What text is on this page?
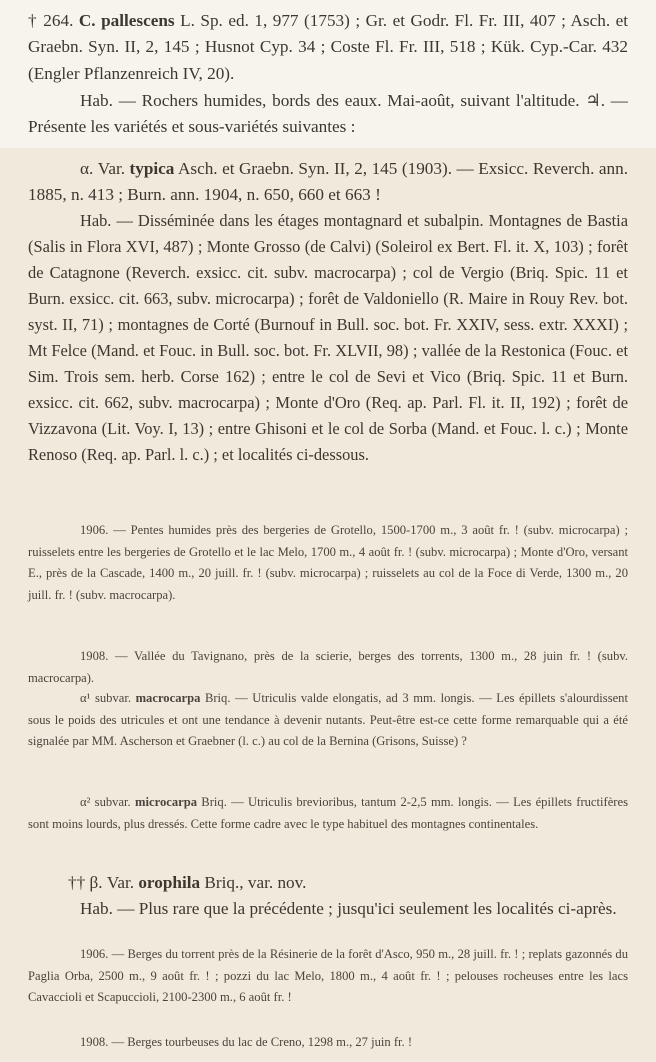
† 264. C. pallescens L. Sp. ed. 1, 977 (1753) ; Gr. et Godr. Fl. Fr. III, 407 ; Asch. et Graebn. Syn. II, 2, 145 ; Husnot Cyp. 34 ; Coste Fl. Fr. III, 518 ; Kük. Cyp.-Car. 432 (Engler Pflanzenreich IV, 20).

Hab. — Rochers humides, bords des eaux. Mai-août, suivant l'altitude. ♃. — Présente les variétés et sous-variétés suivantes :

α. Var. typica Asch. et Graebn. Syn. II, 2, 145 (1903). — Exsicc. Reverch. ann. 1885, n. 413 ; Burn. ann. 1904, n. 650, 660 et 663 !

Hab. — Disséminée dans les étages montagnard et subalpin. Montagnes de Bastia (Salis in Flora XVI, 487) ; Monte Grosso (de Calvi) (Soleirol ex Bert. Fl. it. X, 103) ; forêt de Catagnone (Reverch. exsicc. cit. subv. macrocarpa) ; col de Vergio (Briq. Spic. 11 et Burn. exsicc. cit. 663, subv. microcarpa) ; forêt de Valdoniello (R. Maire in Rouy Rev. bot. syst. II, 71) ; montagnes de Corté (Burnouf in Bull. soc. bot. Fr. XXIV, sess. extr. XXXI) ; Mt Felce (Mand. et Fouc. in Bull. soc. bot. Fr. XLVII, 98) ; vallée de la Restonica (Fouc. et Sim. Trois sem. herb. Corse 162) ; entre le col de Sevi et Vico (Briq. Spic. 11 et Burn. exsicc. cit. 662, subv. macrocarpa) ; Monte d'Oro (Req. ap. Parl. Fl. it. II, 192) ; forêt de Vizzavona (Lit. Voy. I, 13) ; entre Ghisoni et le col de Sorba (Mand. et Fouc. l. c.) ; Monte Renoso (Req. ap. Parl. l. c.) ; et localités ci-dessous.

1906. — Pentes humides près des bergeries de Grotello, 1500-1700 m., 3 août fr. ! (subv. microcarpa) ; ruisselets entre les bergeries de Grotello et le lac Melo, 1700 m., 4 août fr. ! (subv. microcarpa) ; Monte d'Oro, versant E., près de la Cascade, 1400 m., 20 juill. fr. ! (subv. microcarpa) ; ruisselets au col de la Foce di Verde, 1300 m., 20 juill. fr. ! (subv. macrocarpa).

1908. — Vallée du Tavignano, près de la scierie, berges des torrents, 1300 m., 28 juin fr. ! (subv. macrocarpa).

α¹ subvar. macrocarpa Briq. — Utriculis valde elongatis, ad 3 mm. longis. — Les épillets s'alourdissent sous le poids des utricules et ont une tendance à devenir nutants. Peut-être est-ce cette forme remarquable qui a été signalée par MM. Ascherson et Graebner (l. c.) au col de la Bernina (Grisons, Suisse) ?

α² subvar. microcarpa Briq. — Utriculis brevioribus, tantum 2-2,5 mm. longis. — Les épillets fructifères sont moins lourds, plus dressés. Cette forme cadre avec le type habituel des montagnes continentales.

†† β. Var. orophila Briq., var. nov.

Hab. — Plus rare que la précédente ; jusqu'ici seulement les localités ci-après.

1906. — Berges du torrent près de la Résinerie de la forêt d'Asco, 950 m., 28 juill. fr. ! ; replats gazonnés du Paglia Orba, 2500 m., 9 août fr. ! ; pozzi du lac Melo, 1800 m., 4 août fr. ! ; pelouses rocheuses entre les lacs Cavaccioli et Scapuccioli, 2100-2300 m., 6 août fr. !

1908. — Berges tourbeuses du lac de Creno, 1298 m., 27 juin fr. !
